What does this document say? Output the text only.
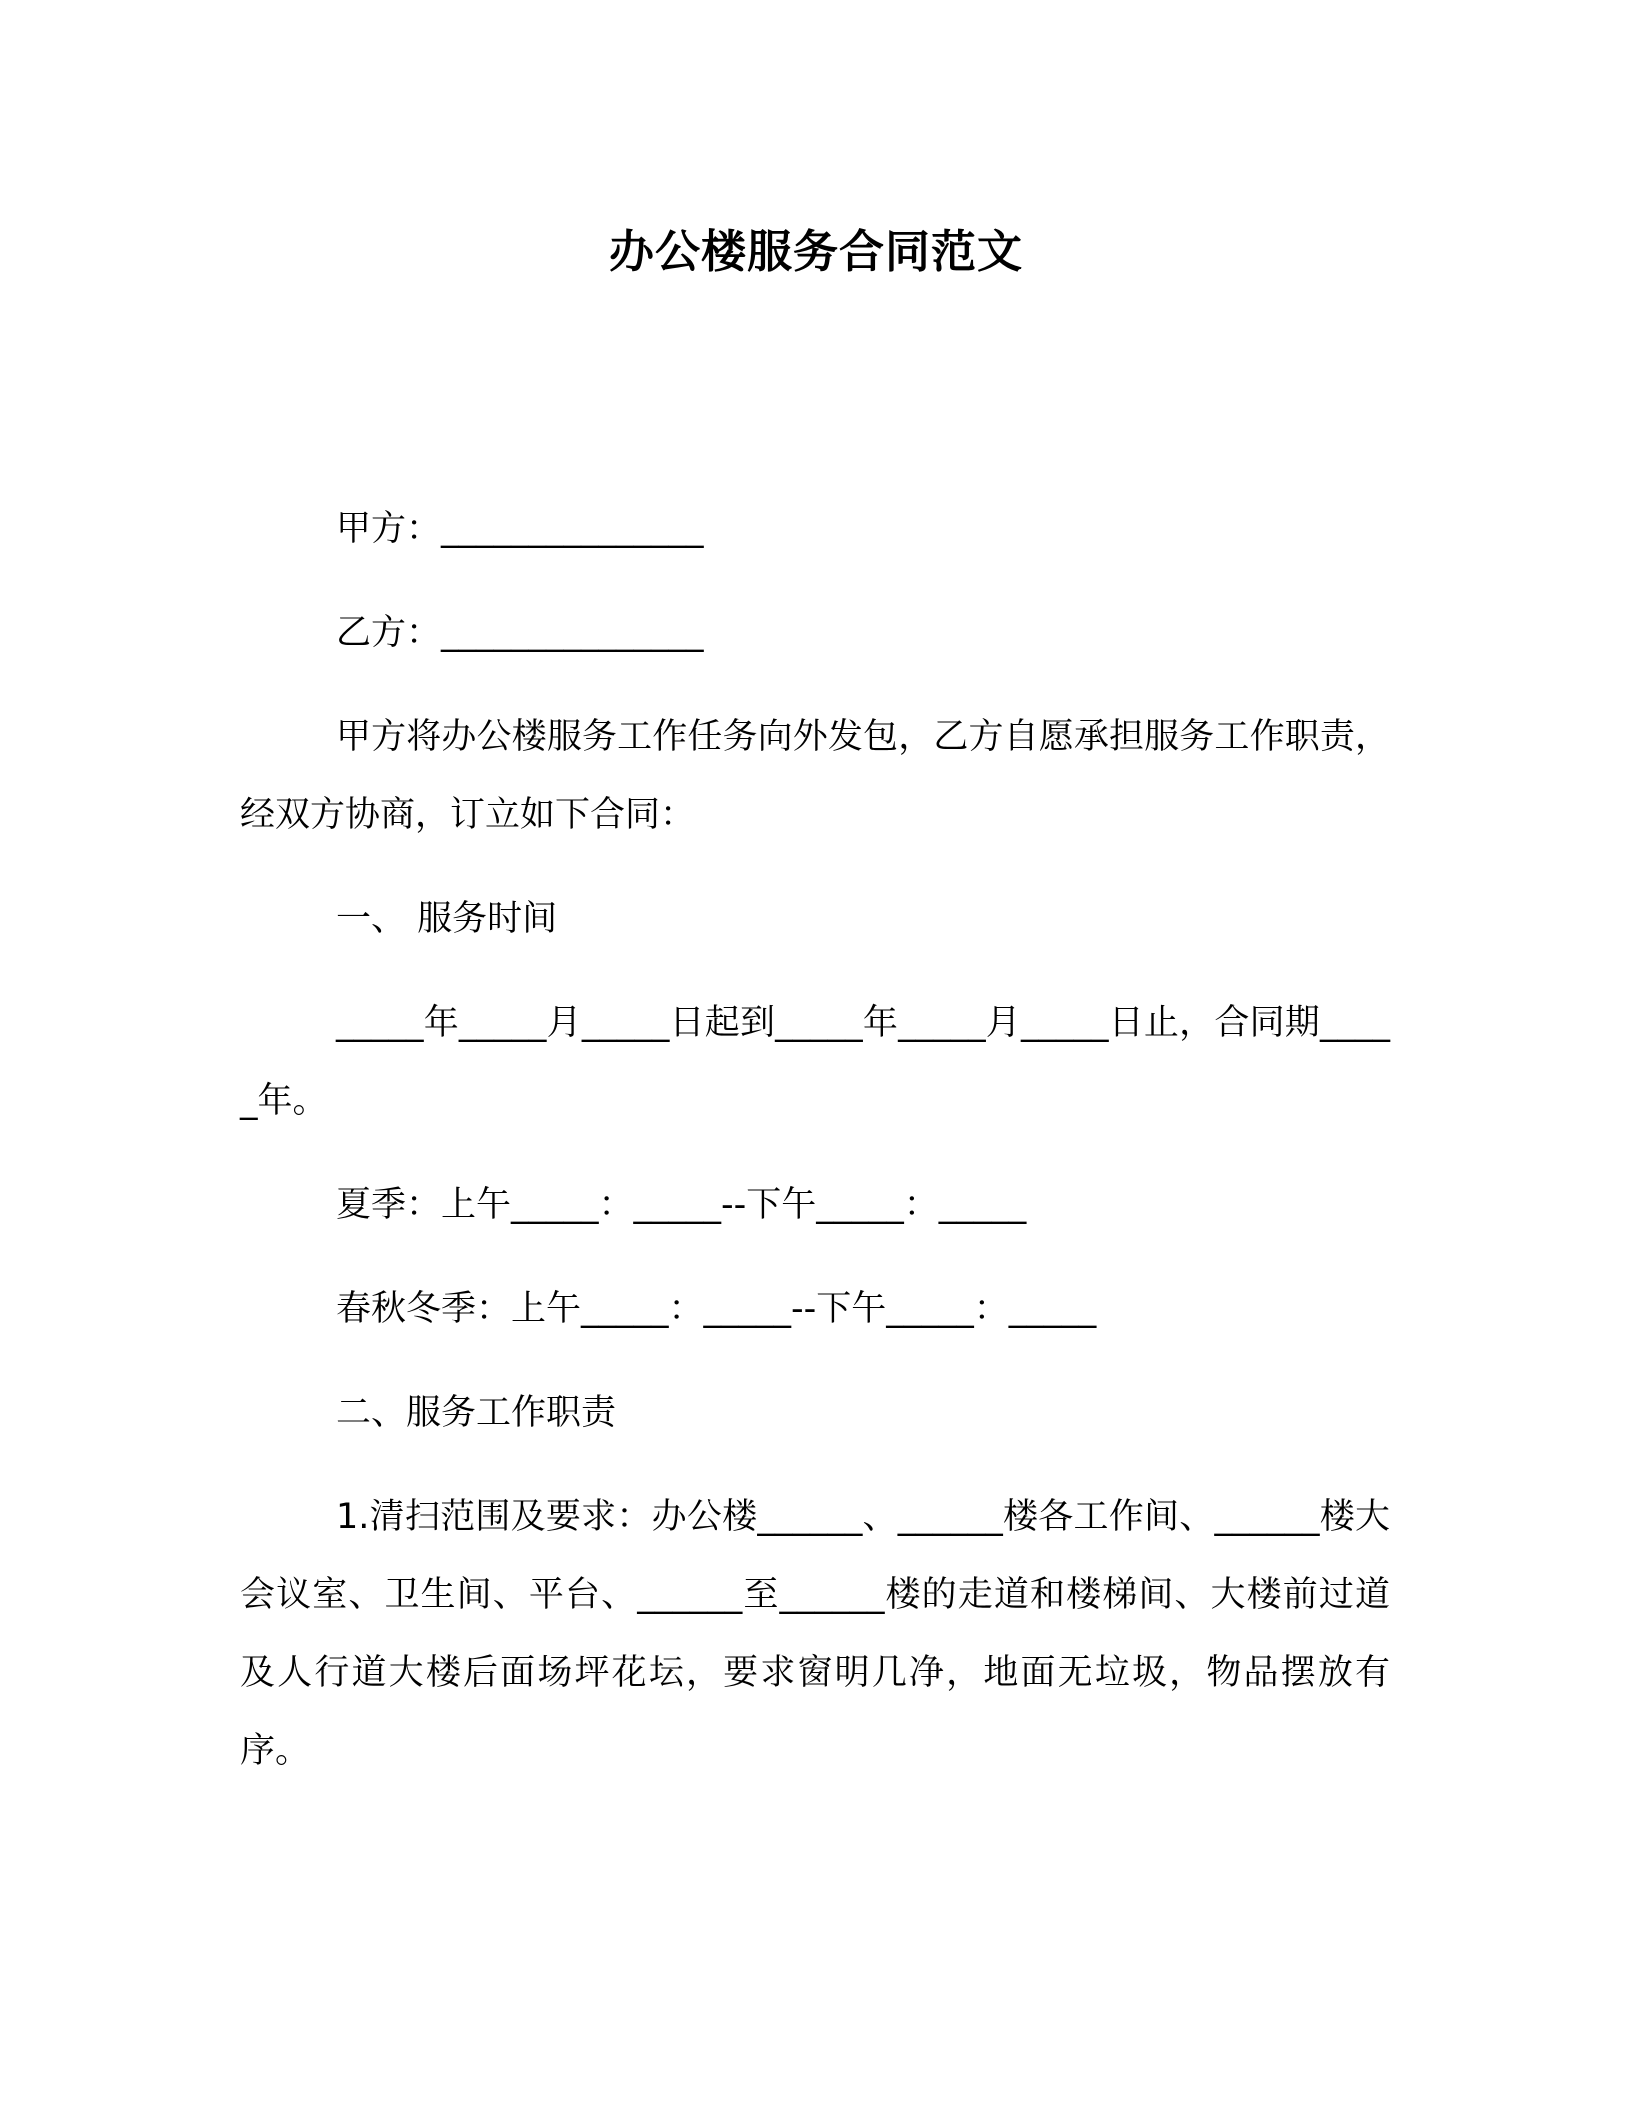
办公楼服务合同范文

甲方：_______________

乙方：_______________

甲方将办公楼服务工作任务向外发包，乙方自愿承担服务工作职责，经双方协商，订立如下合同：

一、 服务时间

_____年_____月_____日起到_____年_____月_____日止，合同期_____年。

夏季：上午_____：_____--下午_____：_____

春秋冬季：上午_____：_____--下午_____：_____

二、服务工作职责

1.清扫范围及要求：办公楼______、______楼各工作间、______楼大会议室、卫生间、平台、______至______楼的走道和楼梯间、大楼前过道及人行道大楼后面场坪花坛，要求窗明几净，地面无垃圾，物品摆放有序。
